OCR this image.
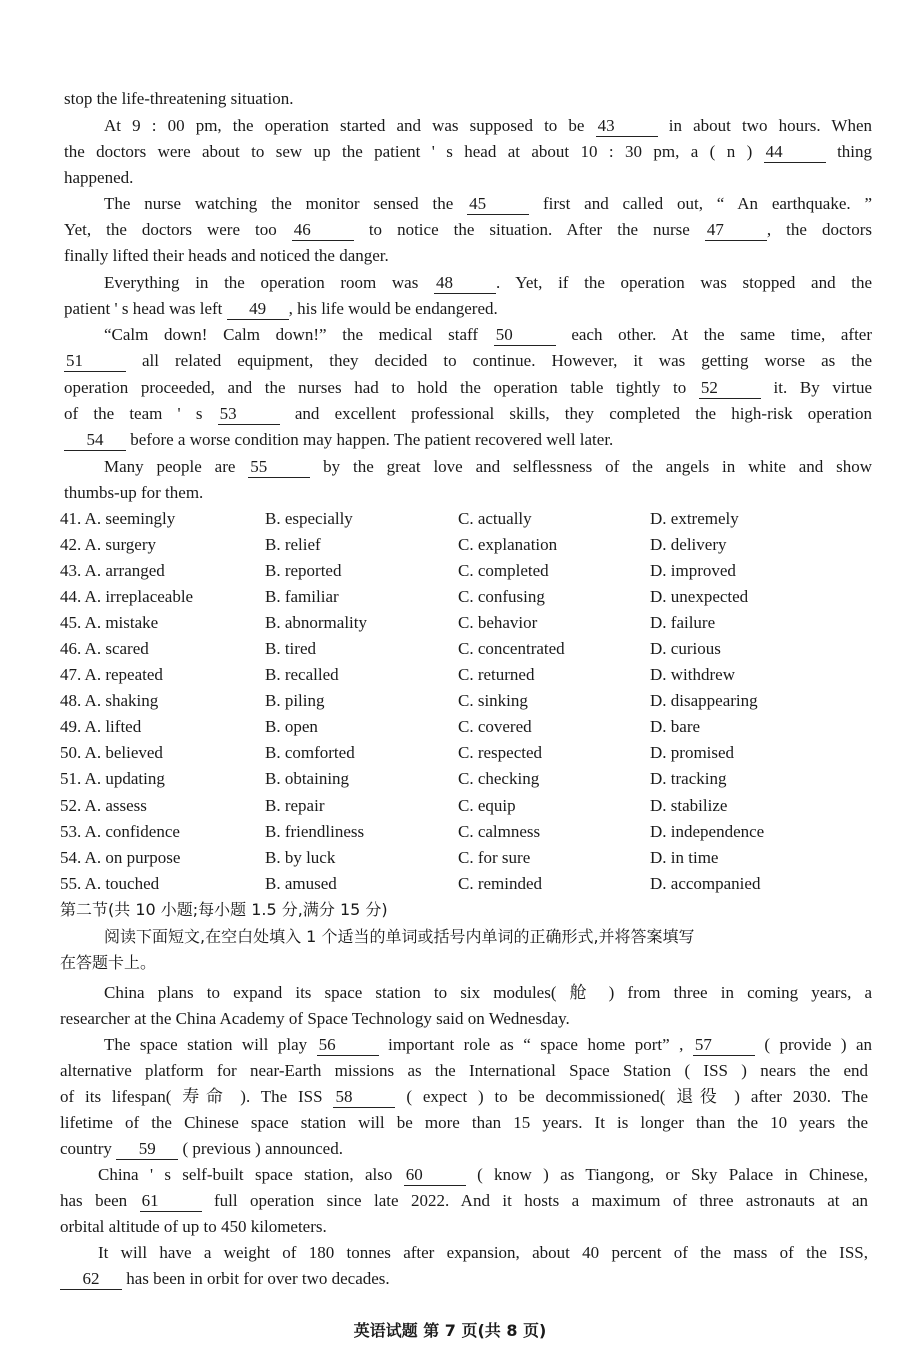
stop the life-threatening situation.
At 9 : 00 pm, the operation started and was supposed to be 43	in about two hours. When
the doctors were about to sew up the patient ' s head at about 10 : 30 pm, a ( n ) 44	thing
happened.
The nurse watching the monitor sensed the 45	first and called out, “ An earthquake. ”
Yet, the doctors were too 46	to notice the situation. After the nurse 47	, the doctors
finally lifted their heads and noticed the danger.
Everything in the operation room was 48	. Yet, if the operation was stopped and the
patient ' s head was left 49 , his life would be endangered.
“Calm down! Calm down!” the medical staff 50	each other. At the same time, after
51	all related equipment, they decided to continue. However, it was getting worse as the
operation proceeded, and the nurses had to hold the operation table tightly to 52	it. By virtue
of the team ' s 53	and excellent professional skills, they completed the high-risk operation
54 before a worse condition may happen. The patient recovered well later.
Many people are 55	by the great love and selflessness of the angels in white and show
thumbs-up for them.
41. A. seemingly	B. especially	C. actually	D. extremely
42. A. surgery	B. relief	C. explanation	D. delivery
43. A. arranged	B. reported	C. completed	D. improved
44. A. irreplaceable	B. familiar	C. confusing	D. unexpected
45. A. mistake	B. abnormality	C. behavior	D. failure
46. A. scared	B. tired	C. concentrated	D. curious
47. A. repeated	B. recalled	C. returned	D. withdrew
48. A. shaking	B. piling	C. sinking	D. disappearing
49. A. lifted	B. open	C. covered	D. bare
50. A. believed	B. comforted	C. respected	D. promised
51. A. updating	B. obtaining	C. checking	D. tracking
52. A. assess	B. repair	C. equip	D. stabilize
53. A. confidence	B. friendliness	C. calmness	D. independence
54. A. on purpose	B. by luck	C. for sure	D. in time
55. A. touched	B. amused	C. reminded	D. accompanied
第二节(共 10 小题;每小题 1.5 分,满分 15 分)
阅读下面短文,在空白处填入 1 个适当的单词或括号内单词的正确形式,并将答案填写
在答题卡上。
China plans to expand its space station to six modules( 舱 ) from three in coming years, a
researcher at the China Academy of Space Technology said on Wednesday.
The space station will play 56	important role as “ space home port” , 57	( provide ) an
alternative platform for near-Earth missions as the International Space Station ( ISS ) nears the end
of its lifespan( 寿命 ). The ISS 58	( expect ) to be decommissioned( 退役 ) after 2030. The
lifetime of the Chinese space station will be more than 15 years. It is longer than the 10 years the
country 59 ( previous ) announced.
China ' s self-built space station, also 60	( know ) as Tiangong, or Sky Palace in Chinese,
has been 61	full operation since late 2022. And it hosts a maximum of three astronauts at an
orbital altitude of up to 450 kilometers.
It will have a weight of 180 tonnes after expansion, about 40 percent of the mass of the ISS,
62 has been in orbit for over two decades.
英语试题 第 7 页(共 8 页)
